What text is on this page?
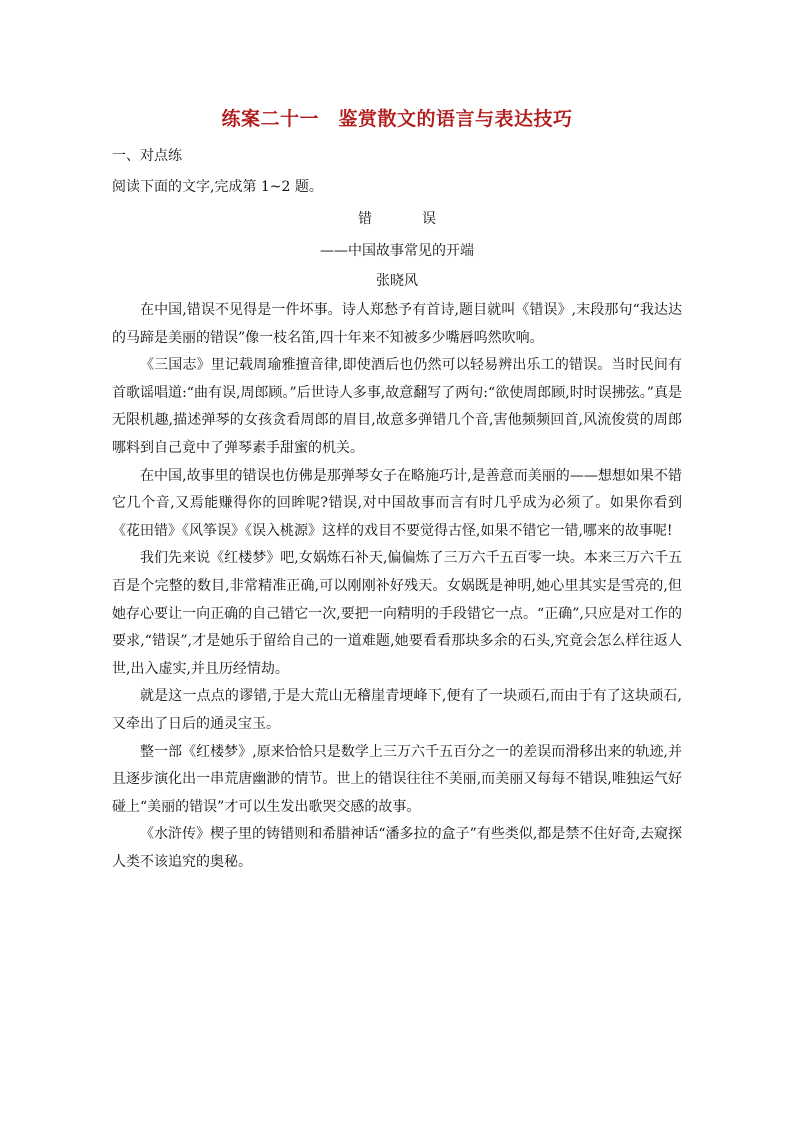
练案二十一　鉴赏散文的语言与表达技巧
一、对点练
阅读下面的文字,完成第 1~2 题。
错　误
——中国故事常见的开端
张晓风

在中国,错误不见得是一件坏事。诗人郑愁予有首诗,题目就叫《错误》,末段那句“我达达的马蹄是美丽的错误”像一枝名笛,四十年来不知被多少嘴唇呜然吹响。

《三国志》里记载周瑜雅擅音律,即使酒后也仍然可以轻易辨出乐工的错误。当时民间有首歌谣唱道:“曲有误,周郎顾。”后世诗人多事,故意翻写了两句:“欲使周郎顾,时时误拂弦。”真是无限机趣,描述弹琴的女孩贪看周郎的眉目,故意多弹错几个音,害他频频回首,风流俊赏的周郎哪料到自己竟中了弹琴素手甜蜜的机关。

在中国,故事里的错误也仿佛是那弹琴女子在略施巧计,是善意而美丽的——想想如果不错它几个音,又焉能赚得你的回眸呢?错误,对中国故事而言有时几乎成为必须了。如果你看到《花田错》《风筝误》《误入桃源》这样的戏目不要觉得古怪,如果不错它一错,哪来的故事呢!

我们先来说《红楼梦》吧,女娲炼石补天,偏偏炼了三万六千五百零一块。本来三万六千五百是个完整的数目,非常精准正确,可以刚刚补好残天。女娲既是神明,她心里其实是雪亮的,但她存心要让一向正确的自己错它一次,要把一向精明的手段错它一点。“正确”,只应是对工作的要求,“错误”,才是她乐于留给自己的一道难题,她要看看那块多余的石头,究竟会怎么样往返人世,出入虚实,并且历经情劫。

就是这一点点的谬错,于是大荒山无稽崖青埂峰下,便有了一块顽石,而由于有了这块顽石,又牵出了日后的通灵宝玉。

整一部《红楼梦》,原来恰恰只是数学上三万六千五百分之一的差误而滑移出来的轨迹,并且逐步演化出一串荒唐幽渺的情节。世上的错误往往不美丽,而美丽又每每不错误,唯独运气好碰上“美丽的错误”才可以生发出歌哭交感的故事。

《水浒传》楔子里的铸错则和希腊神话“潘多拉的盒子”有些类似,都是禁不住好奇,去窥探人类不该追究的奥秘。
